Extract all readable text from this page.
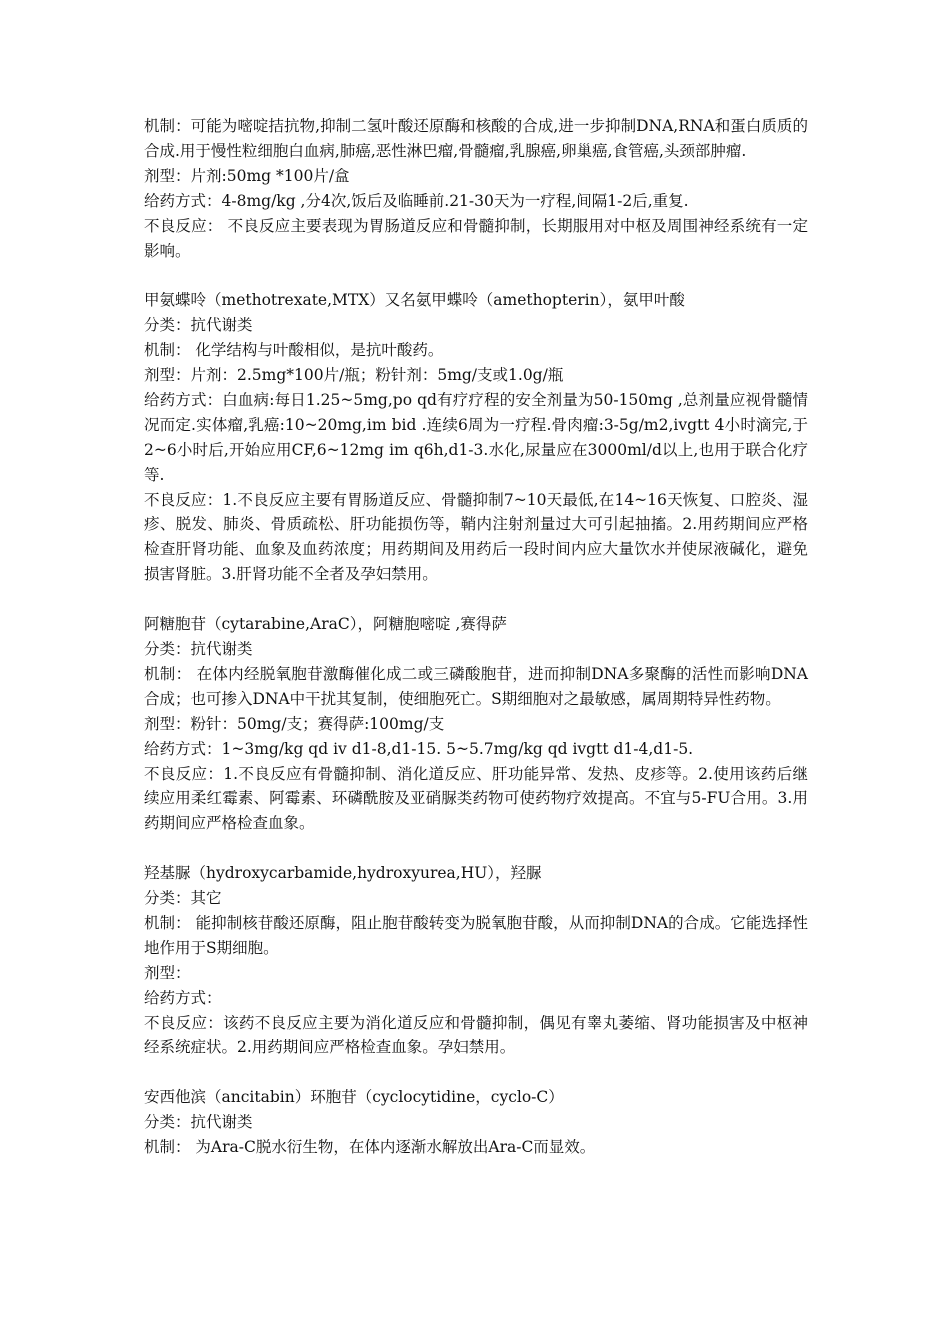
机制：可能为嘧啶拮抗物,抑制二氢叶酸还原酶和核酸的合成,进一步抑制DNA,RNA和蛋白质质的合成.用于慢性粒细胞白血病,肺癌,恶性淋巴瘤,骨髓瘤,乳腺癌,卵巢癌,食管癌,头颈部肿瘤.

剂型：片剂:50mg *100片/盒

给药方式：4-8mg/kg ,分4次,饭后及临睡前.21-30天为一疗程,间隔1-2后,重复.

不良反应： 不良反应主要表现为胃肠道反应和骨髓抑制，长期服用对中枢及周围神经系统有一定影响。

甲氨蝶呤（methotrexate,MTX）又名氨甲蝶呤（amethopterin），氨甲叶酸

分类：抗代谢类

机制： 化学结构与叶酸相似，是抗叶酸药。

剂型：片剂：2.5mg*100片/瓶；粉针剂：5mg/支或1.0g/瓶

给药方式：白血病:每日1.25~5mg,po qd有疗疗程的安全剂量为50-150mg ,总剂量应视骨髓情况而定.实体瘤,乳癌:10~20mg,im bid .连续6周为一疗程.骨肉瘤:3-5g/m2,ivgtt 4小时滴完,于2~6小时后,开始应用CF,6~12mg im q6h,d1-3.水化,尿量应在3000ml/d以上,也用于联合化疗等.

不良反应：1.不良反应主要有胃肠道反应、骨髓抑制7~10天最低,在14~16天恢复、口腔炎、湿疹、脱发、肺炎、骨质疏松、肝功能损伤等，鞘内注射剂量过大可引起抽搐。2.用药期间应严格检查肝肾功能、血象及血药浓度；用药期间及用药后一段时间内应大量饮水并使尿液碱化，避免损害肾脏。3.肝肾功能不全者及孕妇禁用。

阿糖胞苷（cytarabine,AraC），阿糖胞嘧啶 ,赛得萨

分类：抗代谢类

机制： 在体内经脱氧胞苷激酶催化成二或三磷酸胞苷，进而抑制DNA多聚酶的活性而影响DNA合成；也可掺入DNA中干扰其复制，使细胞死亡。S期细胞对之最敏感，属周期特异性药物。

剂型：粉针：50mg/支；赛得萨:100mg/支

给药方式：1~3mg/kg qd iv d1-8,d1-15. 5~5.7mg/kg qd ivgtt d1-4,d1-5.

不良反应：1.不良反应有骨髓抑制、消化道反应、肝功能异常、发热、皮疹等。2.使用该药后继续应用柔红霉素、阿霉素、环磷酰胺及亚硝脲类药物可使药物疗效提高。不宜与5-FU合用。3.用药期间应严格检查血象。

羟基脲（hydroxycarbamide,hydroxyurea,HU），羟脲

分类：其它

机制： 能抑制核苷酸还原酶，阻止胞苷酸转变为脱氧胞苷酸，从而抑制DNA的合成。它能选择性地作用于S期细胞。

剂型：

给药方式：

不良反应：该药不良反应主要为消化道反应和骨髓抑制，偶见有睾丸萎缩、肾功能损害及中枢神经系统症状。2.用药期间应严格检查血象。孕妇禁用。

安西他滨（ancitabin）环胞苷（cyclocytidine，cyclo-C）

分类：抗代谢类

机制： 为Ara-C脱水衍生物，在体内逐渐水解放出Ara-C而显效。
